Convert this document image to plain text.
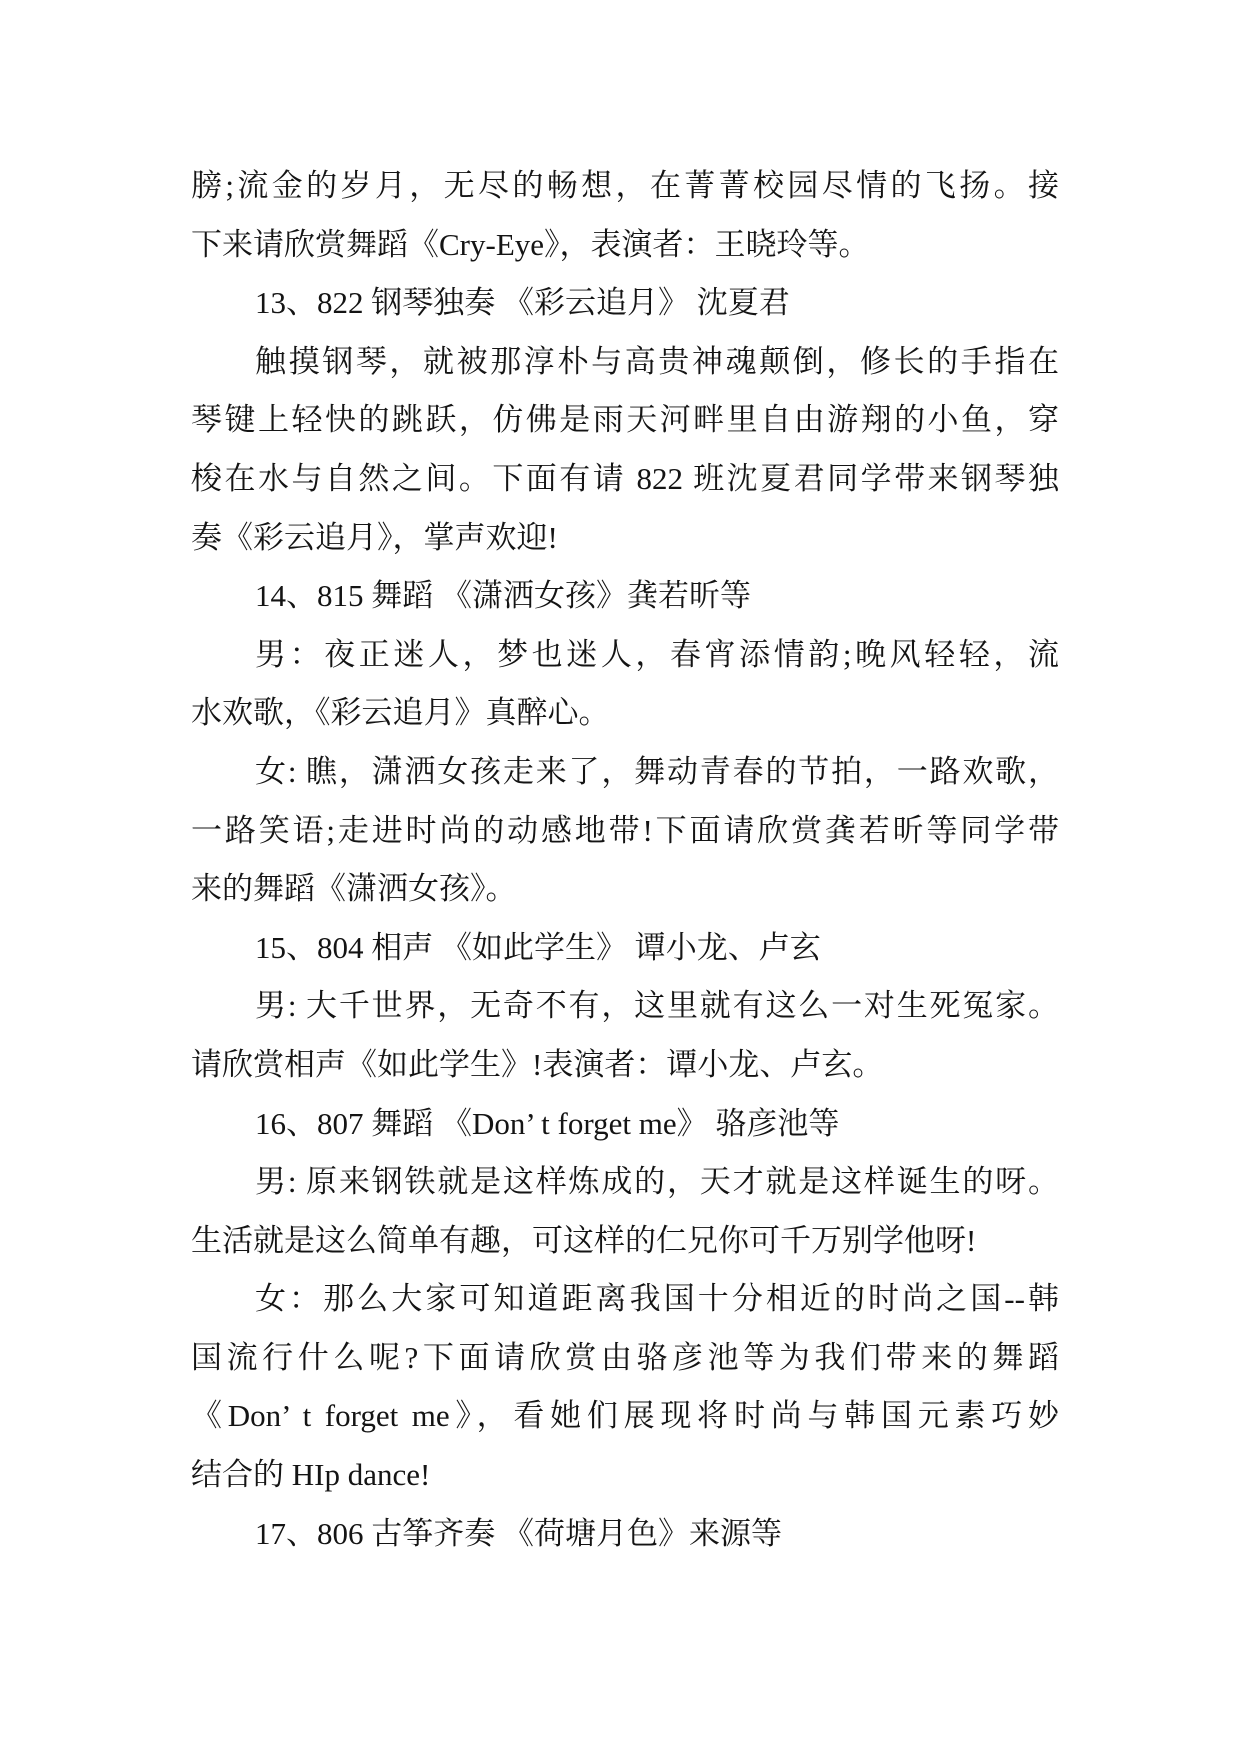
膀;流金的岁月，无尽的畅想，在菁菁校园尽情的飞扬。接
下来请欣赏舞蹈《Cry-Eye》，表演者：王晓玲等。
13、822 钢琴独奏 《彩云追月》 沈夏君
触摸钢琴，就被那淳朴与高贵神魂颠倒，修长的手指在
琴键上轻快的跳跃，仿佛是雨天河畔里自由游翔的小鱼，穿
梭在水与自然之间。下面有请 822 班沈夏君同学带来钢琴独
奏《彩云追月》，掌声欢迎!
14、815 舞蹈 《潇洒女孩》龚若昕等
男：夜正迷人，梦也迷人，春宵添情韵;晚风轻轻，流
水欢歌，《彩云追月》真醉心。
女: 瞧，潇洒女孩走来了，舞动青春的节拍，一路欢歌，
一路笑语;走进时尚的动感地带!下面请欣赏龚若昕等同学带
来的舞蹈《潇洒女孩》。
15、804 相声 《如此学生》 谭小龙、卢玄
男: 大千世界，无奇不有，这里就有这么一对生死冤家。
请欣赏相声《如此学生》!表演者：谭小龙、卢玄。
16、807 舞蹈 《Don’ t forget me》 骆彦池等
男: 原来钢铁就是这样炼成的，天才就是这样诞生的呀。
生活就是这么简单有趣，可这样的仁兄你可千万别学他呀!
女：那么大家可知道距离我国十分相近的时尚之国--韩
国流行什么呢?下面请欣赏由骆彦池等为我们带来的舞蹈
《Don’ t forget me》，看她们展现将时尚与韩国元素巧妙
结合的 HIp dance!
17、806 古筝齐奏 《荷塘月色》来源等
